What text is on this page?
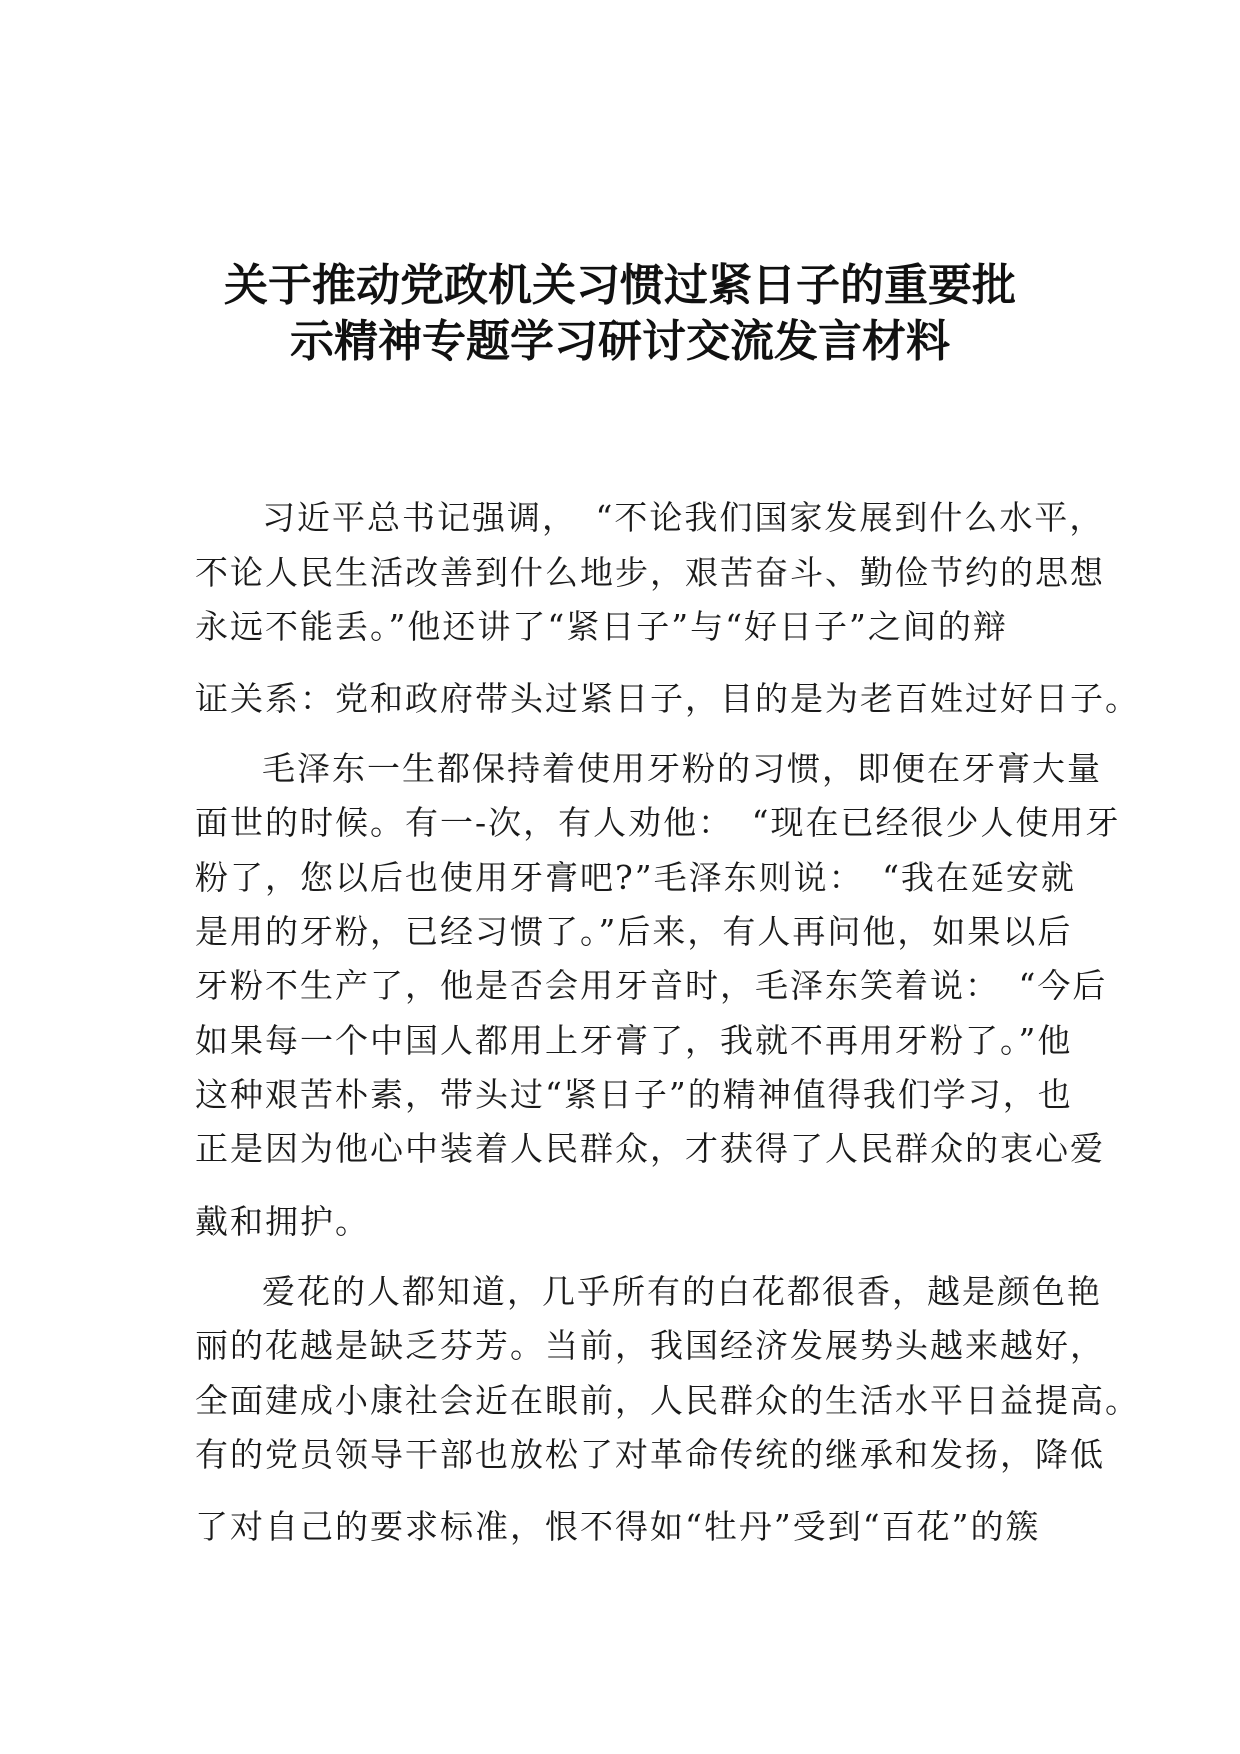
关于推动党政机关习惯过紧日子的重要批
示精神专题学习研讨交流发言材料

习近平总书记强调，　“不论我们国家发展到什么水平，

不论人民生活改善到什么地步，艰苦奋斗、勤俭节约的思想

永远不能丢。”他还讲了“紧日子”与“好日子”之间的辩

证关系：党和政府带头过紧日子，目的是为老百姓过好日子。

毛泽东一生都保持着使用牙粉的习惯，即便在牙膏大量

面世的时候。有一-次，有人劝他：　“现在已经很少人使用牙

粉了，您以后也使用牙膏吧?”毛泽东则说：　“我在延安就

是用的牙粉，已经习惯了。”后来，有人再问他，如果以后

牙粉不生产了，他是否会用牙音时，毛泽东笑着说：　“今后

如果每一个中国人都用上牙膏了，我就不再用牙粉了。”他

这种艰苦朴素，带头过“紧日子”的精神值得我们学习，也

正是因为他心中装着人民群众，才获得了人民群众的衷心爱

戴和拥护。

爱花的人都知道，几乎所有的白花都很香，越是颜色艳

丽的花越是缺乏芬芳。当前，我国经济发展势头越来越好，

全面建成小康社会近在眼前，人民群众的生活水平日益提高。

有的党员领导干部也放松了对革命传统的继承和发扬，降低

了对自己的要求标准，恨不得如“牡丹”受到“百花”的簇
